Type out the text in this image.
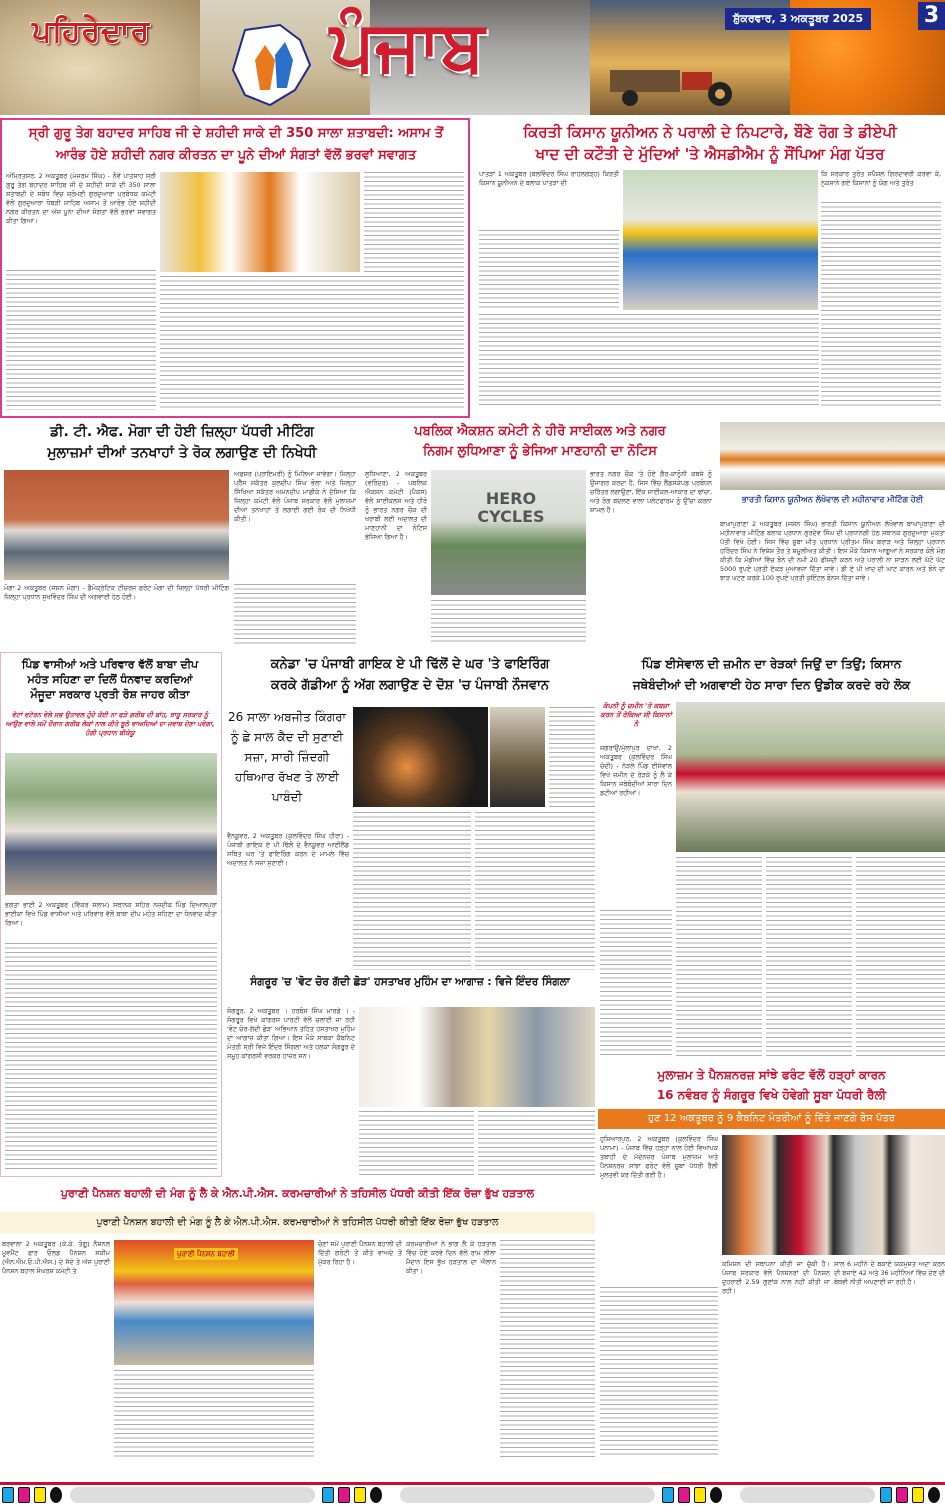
ਪਹਿਰੇਦਾਰ	ਪੰਜਾਬ	ਸ਼ੁੱਕਰਵਾਰ, 3 ਅਕਤੂਬਰ 2025	3
ਸ੍ਰੀ ਗੁਰੂ ਤੇਗ ਬਹਾਦਰ ਸਾਹਿਬ ਜੀ ਦੇ ਸ਼ਹੀਦੀ ਸਾਕੇ ਦੀ 350 ਸਾਲਾ ਸ਼ਤਾਬਦੀ: ਅਸਾਮ ਤੋਂ
ਆਰੰਭ ਹੋਏ ਸ਼ਹੀਦੀ ਨਗਰ ਕੀਰਤਨ ਦਾ ਪੂਨੇ ਦੀਆਂ ਸੰਗਤਾਂ ਵੱਲੋਂ ਭਰਵਾਂ ਸਵਾਗਤ
ਅੰਮ੍ਰਿਤਸਰ, 2 ਅਕਤੂਬਰ (ਮੇਜਰਮ ਸਿੰਘ) - ਨੌਵੇਂ ਪਾਤਸ਼ਾਹ ਸ੍ਰੀ ਗੁਰੂ ਤੇਗ ਬਹਾਦਰ ਸਾਹਿਬ ਜੀ ਦੇ ਸ਼ਹੀਦੀ ਸਾਕੇ ਦੀ 350 ਸਾਲਾ ਸ਼ਤਾਬਦੀ ਦੇ ਸਬੰਧ ਵਿਚ ਸ਼੍ਰੋਮਣੀ ਗੁਰਦੁਆਰਾ ਪ੍ਰਬੰਧਕ ਕਮੇਟੀ ਵੱਲੋਂ ਗੁਰਦੁਆਰਾ ਧੋਬੜੀ ਸਾਹਿਬ ਅਸਾਮ ਤੋਂ ਆਰੰਭ ਹੋਏ ਸ਼ਹੀਦੀ ਨਗਰ ਕੀਰਤਨ ਦਾ ਅੱਜ ਪੂਨਾ ਦੀਆਂ ਸੰਗਤਾਂ ਵੱਲੋਂ ਭਰਵਾਂ ਸਵਾਗਤ ਕੀਤਾ ਗਿਆ।
ਕਿਰਤੀ ਕਿਸਾਨ ਯੂਨੀਅਨ ਨੇ ਪਰਾਲੀ ਦੇ ਨਿਪਟਾਰੇ, ਬੌਣੇ ਰੋਗ ਤੇ ਡੀਏਪੀ
ਖਾਦ ਦੀ ਕਟੌਤੀ ਦੇ ਮੁੱਦਿਆਂ 'ਤੇ ਐਸਡੀਐਮ ਨੂੰ ਸੌਂਪਿਆ ਮੰਗ ਪੱਤਰ
ਪਾਤੜਾਂ 1 ਅਕਤੂਬਰ (ਬਲਵਿੰਦਰ ਸਿੰਘ ਰਾਹਲਗੜ੍ਹ) ਕਿਰਤੀ ਕਿਸਾਨ ਯੂਨੀਅਨ ਦੇ ਬਲਾਕ ਪਾਤੜਾਂ ਦੀ
ਕਿ ਸਰਕਾਰ ਤੁਰੰਤ ਸਪੈਸ਼ਲ ਗਿਰਦਾਵਰੀ ਕਰਵਾ ਕੇ, ਨੁਕਸਾਨੇ ਗਏ ਕਿਸਾਨਾਂ ਨੂੰ ਯੋਗ ਅਤੇ ਤੁਰੰਤ
ਡੀ. ਟੀ. ਐਫ. ਮੋਗਾ ਦੀ ਹੋਈ ਜ਼ਿਲ੍ਹਾ ਪੱਧਰੀ ਮੀਟਿੰਗ
ਮੁਲਾਜ਼ਮਾਂ ਦੀਆਂ ਤਨਖਾਹਾਂ ਤੇ ਰੋਕ ਲਗਾਉਣ ਦੀ ਨਿਖੇਧੀ
ਅਫਸਰ (ਪ੍ਰਾਇਮਰੀ) ਨੂੰ ਮਿਲਿਆ ਜਾਵੇਗਾ। ਜ਼ਿਲ੍ਹਾ ਪ੍ਰੈੱਸ ਸਕੱਤਰ ਕੁਲਦੀਪ ਸਿੰਘ ਭੋਲਾ ਅਤੇ ਜ਼ਿਲ੍ਹਾ ਸਿੱਖਿਆ ਸਕੱਤਰ ਅਮਨਦੀਪ ਮਾਛੀਕੇ ਨੇ ਦੱਸਿਆ ਕਿ ਜ਼ਿਲ੍ਹਾ ਕਮੇਟੀ ਵੱਲੋਂ ਪੰਜਾਬ ਸਰਕਾਰ ਵੱਲੋਂ ਮੁਲਾਜ਼ਮਾਂ ਦੀਆਂ ਤਨਖਾਹਾਂ ਤੇ ਲਗਾਈ ਗਈ ਰੋਕ ਦੀ ਨਿਖੇਧੀ ਕੀਤੀ।
ਮੋਗਾ 2 ਅਕਤੂਬਰ (ਜਸ਼ਨ ਮੋਗਾ) - ਡੈਮੋਕ੍ਰੇਟਿਕ ਟੀਚਰਜ਼ ਫਰੰਟ ਮੋਗਾ ਦੀ ਜ਼ਿਲ੍ਹਾ ਪੱਧਰੀ ਮੀਟਿੰਗ ਜ਼ਿਲ੍ਹਾ ਪ੍ਰਧਾਨ ਸੁਖਵਿੰਦਰ ਸਿੰਘ ਦੀ ਅਗਵਾਈ ਹੇਠ ਹੋਈ।
ਪਬਲਿਕ ਐਕਸ਼ਨ ਕਮੇਟੀ ਨੇ ਹੀਰੋ ਸਾਈਕਲ ਅਤੇ ਨਗਰ
ਨਿਗਮ ਲੁਧਿਆਣਾ ਨੂੰ ਭੇਜਿਆ ਮਾਣਹਾਨੀ ਦਾ ਨੋਟਿਸ
ਲੁਧਿਆਣਾ, 2 ਅਕਤੂਬਰ (ਵਰਿੰਦਰ) - ਪਬਲਿਕ ਐਕਸ਼ਨ ਕਮੇਟੀ (ਪੈਕਸ) ਵੱਲੋਂ ਸਾਈਕਲਸ ਅਤੇ ਹੀਰੋ ਨੂੰ ਭਾਰਤ ਨਗਰ ਚੌਕ ਦੀ ਖਰਾਬੀ ਲਈ ਅਦਾਲਤ ਦੀ ਮਾਣਹਾਨੀ ਦਾ ਨੋਟਿਸ ਭੇਜਿਆ ਗਿਆ ਹੈ।
HERO CYCLES
ਭਾਰਤ ਨਗਰ ਚੌਕ 'ਤੇ ਹੋਏ ਗੈਰ-ਕਾਨੂੰਨੀ ਕਬਜ਼ੇ ਨੂੰ ਉਜਾਗਰ ਕਰਦਾ ਹੈ, ਜਿਸ ਵਿੱਚ ਲੈਂਡਸਕੇਪਡ ਪ੍ਰਬੰਧਨ ਚਰਿੱਤਰ ਲਗਾਉਣਾ, ਇੱਕ ਸਾਈਕਲ-ਆਕਾਰ ਦਾ ਢਾਂਚਾ, ਅਤੇ ਰੰਗ ਬਦਲਣ ਵਾਲਾ ਪਲੇਟਫਾਰਮ ਨੂੰ ਉੱਚਾ ਕਰਨਾ ਸ਼ਾਮਲ ਹੈ।
ਭਾਰਤੀ ਕਿਸਾਨ ਯੂਨੀਅਨ ਲੱਖੋਵਾਲ ਦੀ ਮਹੀਨਾਵਾਰ ਮੀਟਿੰਗ ਹੋਈ
ਬਾਘਾਪੁਰਾਣਾ 2 ਅਕਤੂਬਰ (ਜਸ਼ਨ ਸਿੰਘ) ਭਾਰਤੀ ਕਿਸਾਨ ਯੂਨੀਅਨ ਲੱਖੋਵਾਲ ਬਾਘਾਪੁਰਾਣਾ ਦੀ ਮਹੀਨਾਵਾਰ ਮੀਟਿੰਗ ਬਲਾਕ ਪ੍ਰਧਾਨ ਗੁਰਦੇਵ ਸਿੰਘ ਦੀ ਪ੍ਰਧਾਨਗੀ ਹੇਠ ਸਥਾਨਕ ਗੁਰਦੁਆਰਾ ਮੁਕਤਾ ਪੱਤੀ ਵਿਖੇ ਹੋਈ। ਜਿਸ ਵਿੱਚ ਸੂਬਾ ਮੀਤ ਪ੍ਰਧਾਨ ਪ੍ਰੀਤਮ ਸਿੰਘ ਬਰਾੜ ਅਤੇ ਜ਼ਿਲ੍ਹਾ ਪ੍ਰਧਾਨ ਹਰਿੰਦਰ ਸਿੰਘ ਨੇ ਵਿਸ਼ੇਸ਼ ਤੌਰ ਤੇ ਸ਼ਮੂਲੀਅਤ ਕੀਤੀ। ਇਸ ਮੌਕੇ ਕਿਸਾਨ ਆਗੂਆਂ ਨੇ ਸਰਕਾਰ ਕੋਲੋਂ ਮੰਗ ਕੀਤੀ ਕਿ ਮੰਡੀਆਂ ਵਿੱਚ ਝੋਨੇ ਦੀ ਨਮੀ 20 ਫੀਸਦੀ ਕਰਨ ਅਤੇ ਪਰਾਲੀ ਨਾ ਸਾੜਨ ਲਈ ਘੱਟੋ ਘੱਟ 5000 ਰੁਪਏ ਪ੍ਰਤੀ ਏਕੜ ਮੁਆਵਜ਼ਾ ਦਿੱਤਾ ਜਾਵੇ। ਡੀ ਏ ਪੀ ਖਾਦ ਦੀ ਘਾਟ ਕਾਰਨ ਅਤੇ ਝੋਨੇ ਦਾ ਝਾੜ ਘਟਣ ਕਰਕੇ 100 ਰੁਪਏ ਪ੍ਰਤੀ ਕੁਇੰਟਲ ਬੋਨਸ ਦਿੱਤਾ ਜਾਵੇ।
ਪਿੰਡ ਵਾਸੀਆਂ ਅਤੇ ਪਰਿਵਾਰ ਵੱਲੋਂ ਬਾਬਾ ਦੀਪ
ਮਹੰਤ ਸਹਿਣਾ ਦਾ ਦਿਲੋਂ ਧੰਨਵਾਦ ਕਰਦਿਆਂ
ਮੌਜੂਦਾ ਸਰਕਾਰ ਪ੍ਰਤੀ ਰੋਸ਼ ਜਾਹਰ ਕੀਤਾ
ਵੋਟਾਂ ਵਟੋਰਨ ਵੇਲੇ ਸਭ ਉਤਾਵਲ ਹੁੰਦੇ ਕੋਈ ਨਾ ਫੜੇ ਗਰੀਬ ਦੀ ਬਾਂਹ, ਝਾੜੂ ਸਰਕਾਰ ਨੂੰ ਆਉਣ ਵਾਲੇ ਸਮੇਂ ਦੌਰਾਨ ਗਰੀਬ ਲੋਕਾਂ ਨਾਲ ਕੀਤੇ ਝੂਠੇ ਵਾਅਦਿਆਂ ਦਾ ਜਵਾਬ ਦੇਣਾ ਪਵੇਗਾ, ਹੰਗੀ ਪ੍ਰਧਾਨ ਬੀਕੇਯੂ
ਭਗਤਾ ਭਾਈ 2 ਅਕਤੂਬਰ (ਵਿੱਕਰ ਸਲਾਮ) ਸਥਾਨਕ ਸਹਿਰ ਨਜ਼ਦੀਕ ਪਿੰਡ ਦਿਆਲਪੁਰਾ ਭਾਈਕਾ ਵਿਖੇ ਪਿੰਡ ਵਾਸੀਆਂ ਅਤੇ ਪਰਿਵਾਰ ਵੱਲੋਂ ਬਾਬਾ ਦੀਪ ਮਹੰਤ ਸਹਿਣਾ ਦਾ ਧੰਨਵਾਦ ਕੀਤਾ ਗਿਆ।
ਕਨੇਡਾ 'ਚ ਪੰਜਾਬੀ ਗਾਇਕ ਏ ਪੀ ਢਿੱਲੋਂ ਦੇ ਘਰ 'ਤੇ ਫਾਇਰਿੰਗ
ਕਰਕੇ ਗੱਡੀਆ ਨੂੰ ਅੱਗ ਲਗਾਉਣ ਦੇ ਦੋਸ਼ 'ਚ ਪੰਜਾਬੀ ਨੌਜਵਾਨ
26 ਸਾਲਾ ਅਬਜੀਤ ਕਿੰਗਰਾ ਨੂੰ ਛੇ ਸਾਲ ਕੈਦ ਦੀ ਸੁਣਾਈ ਸਜ਼ਾ, ਸਾਰੀ ਜ਼ਿੰਦਗੀ ਹਥਿਆਰ ਰੱਖਣ ਤੇ ਲਾਈ ਪਾਬੰਦੀ
ਵੈਨਕੂਵਰ, 2 ਅਕਤੂਬਰ (ਕੁਲਵਿੰਦਰ ਸਿੰਘ ਹੀਰਾ) - ਪੰਜਾਬੀ ਗਾਇਕ ਏ ਪੀ ਢਿੱਲੋਂ ਦੇ ਵੈਨਕੂਵਰ ਆਈਲੈਂਡ ਸਥਿਤ ਘਰ 'ਤੇ ਫਾਇਰਿੰਗ ਕਰਨ ਦੇ ਮਾਮਲੇ ਵਿੱਚ ਅਦਾਲਤ ਨੇ ਸਜ਼ਾ ਸੁਣਾਈ।
ਪਿੰਡ ਈਸੇਵਾਲ ਦੀ ਜ਼ਮੀਨ ਦਾ ਰੇੜਕਾਂ ਜਿਉਂ ਦਾ ਤਿਉਂ; ਕਿਸਾਨ
ਜਥੇਬੰਦੀਆਂ ਦੀ ਅਗਵਾਈ ਹੇਠ ਸਾਰਾ ਦਿਨ ਉਡੀਕ ਕਰਦੇ ਰਹੇ ਲੋਕ
ਕੰਪਨੀ ਨੂੰ ਜ਼ਮੀਨ 'ਤੇ ਕਬਜ਼ਾ ਕਰਨ ਤੋਂ ਰੋਕਿਆ ਸੀ ਕਿਸਾਨਾਂ ਨੇ
ਜਗਰਾਉਂ/ਮੁੱਲਾਂਪੁਰ ਦਾਖਾ, 2 ਅਕਤੂਬਰ (ਕੁਲਵਿੰਦਰ ਸਿੰਘ ਚੰਦੀ) - ਨੇੜਲੇ ਪਿੰਡ ਈਸੇਵਾਲ ਵਿਖੇ ਜ਼ਮੀਨ ਦੇ ਰੇੜਕੇ ਨੂੰ ਲੈ ਕੇ ਕਿਸਾਨ ਜਥੇਬੰਦੀਆਂ ਸਾਰਾ ਦਿਨ ਡਟੀਆਂ ਰਹੀਆਂ।
ਸੰਗਰੂਰ 'ਚ 'ਵੋਟ ਚੋਰ ਗੱਦੀ ਛੋੜ' ਹਸਤਾਖਰ ਮੁਹਿੰਮ ਦਾ ਆਗਾਜ਼ : ਵਿਜੇ ਇੰਦਰ ਸਿੰਗਲਾ
ਸੰਗਰੂਰ, 2 ਅਕਤੂਬਰ । ਹਰਬੰਸ ਸਿੰਘ ਮਾਰਡੇ । - ਸੰਗਰੂਰ ਵਿਖੇ ਕਾਂਗਰਸ ਪਾਰਟੀ ਵੱਲੋਂ ਚਲਾਈ ਜਾ ਰਹੀ 'ਵੋਟ ਚੋਰ-ਗੱਦੀ ਛੋੜ' ਅਭਿਆਨ ਤਹਿਤ ਹਸਤਾਖਰ ਮੁਹਿੰਮ ਦਾ ਆਗਾਜ਼ ਕੀਤਾ ਗਿਆ। ਇਸ ਮੌਕੇ ਸਾਬਕਾ ਕੈਬਨਿਟ ਮੰਤਰੀ ਸ੍ਰੀ ਵਿਜੇ ਇੰਦਰ ਸਿੰਗਲਾ ਅਤੇ ਹਲਕਾ ਸੰਗਰੂਰ ਦੇ ਸਮੂਹ ਕਾਂਗਰਸੀ ਵਰਕਰ ਹਾਜ਼ਰ ਸਨ।
ਮੁਲਾਜ਼ਮ ਤੇ ਪੈਨਸ਼ਨਰਜ਼ ਸਾਂਝੇ ਫਰੰਟ ਵੱਲੋਂ ਹੜ੍ਹਾਂ ਕਾਰਨ
16 ਨਵੰਬਰ ਨੂੰ ਸੰਗਰੂਰ ਵਿਖੇ ਹੋਵੇਗੀ ਸੂਬਾ ਪੱਧਰੀ ਰੈਲੀ
ਹੁਣ 12 ਅਕਤੂਬਰ ਨੂੰ 9 ਕੈਬਨਿਟ ਮੰਤਰੀਆਂ ਨੂੰ ਦਿੱਤੇ ਜਾਣਗੇ ਰੋਸ ਪੱਤਰ
ਹੁਸ਼ਿਆਰਪੁਰ, 2 ਅਕਤੂਬਰ (ਕੁਲਵਿੰਦਰ ਸਿੰਘ ਪਨਾਮਾ) - ਪੰਜਾਬ ਵਿੱਚ ਹੜ੍ਹਾਂ ਨਾਲ ਹੋਈ ਵਿਆਪਕ ਤਬਾਹੀ ਦੇ ਮੱਦੇਨਜ਼ਰ ਪੰਜਾਬ ਮੁਲਾਜ਼ਮ ਅਤੇ ਪੈਨਸ਼ਨਰਜ਼ ਸਾਂਝਾ ਫਰੰਟ ਵੱਲੋਂ ਸੂਬਾ ਪੱਧਰੀ ਰੈਲੀ ਮੁਲਤਵੀ ਕਰ ਦਿੱਤੀ ਗਈ ਹੈ।
ਕਮਿਸ਼ਨ ਦੀ ਸਥਾਪਨਾ ਕੀਤੀ ਜਾ ਚੁੱਕੀ ਹੈ। ਪੰਜਾਬ ਸਰਕਾਰ ਵੱਲੋਂ ਪੈਨਸ਼ਨਰਾਂ ਦੀ ਪੈਨਸ਼ਨ ਦੁਹਰਾਈ 2.59 ਗੁਣਾਂਕ ਨਾਲ ਨਹੀਂ ਕੀਤੀ ਜਾ ਰਹੀ।
ਸਾਲ 6 ਮਹੀਨੇ ਦੇ ਬਕਾਏ ਯਕਮੁਸ਼ਤ ਅਦਾ ਕਰਨ ਦੀ ਬਜਾਏ 42 ਅਤੇ 36 ਮਹੀਨਿਆਂ ਵਿੱਚ ਦੇਣ ਦੀ ਬੇਥਵੀ ਨੀਤੀ ਅਪਣਾਈ ਜਾ ਰਹੀ ਹੈ।
ਪੁਰਾਣੀ ਪੈਨਸ਼ਨ ਬਹਾਲੀ ਦੀ ਮੰਗ ਨੂੰ ਲੈ ਕੇ ਐਨ.ਪੀ.ਐਸ. ਕਰਮਚਾਰੀਆਂ ਨੇ ਤਹਿਸੀਲ ਪੱਧਰੀ ਕੀਤੀ ਇੱਕ ਰੋਜ਼ਾ ਭੁੱਖ ਹੜਤਾਲ
ਪੁਰਾਣੀ ਪੈਨਸ਼ਨ ਬਹਾਲੀ ਦੀ ਮੰਗ ਨੂੰ ਲੈ ਕੇ ਐਨ.ਪੀ.ਐਸ. ਕਰਮਚਾਰੀਆਂ ਨੇ ਤਹਿਸੀਲ ਪੱਧਰੀ ਕੀਤੀ ਇੱਕ ਰੋਜ਼ਾ ਭੁੱਖ ਹੜਤਾਲ
ਬਰਵਾਲਾ 2 ਅਕਤੂਬਰ (ਕੇ.ਕੇ. ਤੰਗੂ) ਨੈਸ਼ਨਲ ਮੂਵਮੈਂਟ ਫਾਰ ਓਲਡ ਪੈਨਸ਼ਨ ਸਕੀਮ (ਐਨ.ਐਮ.ਓ.ਪੀ.ਐਸ.) ਦੇ ਸੱਦੇ ਤੇ ਅੱਜ ਪੁਰਾਣੀ ਪੈਨਸ਼ਨ ਬਹਾਲ ਸੰਘਰਸ਼ ਕਮੇਟੀ ਤੇ
ਪੁਰਾਣੀ ਪੈਨਸ਼ਨ ਬਹਾਲੀ
ਚੋਣਾਂ ਸਮੇਂ ਪੁਰਾਣੀ ਪੈਨਸ਼ਨ ਬਹਾਲੀ ਦੀ ਦਿੱਤੀ ਗਰੰਟੀ ਤੋਂ ਕੀਤੇ ਵਾਅਦੇ ਤੋਂ ਮੁੱਕਰ ਰਿਹਾ ਹੈ।
ਕਰਮਚਾਰੀਆਂ ਨੇ ਭਾਗ ਲੈ ਕੇ ਹੜਤਾਲ ਵਿੱਚ ਹੋਏ ਕਰਵੇ ਦਿਨ ਵੱਲੋਂ ਰਾਮ ਲੀਲਾ ਮੈਦਾਨ ਇਸ ਭੁੱਖ ਹੜਤਾਲ ਦਾ ਐਲਾਨ ਕੀਤਾ।
